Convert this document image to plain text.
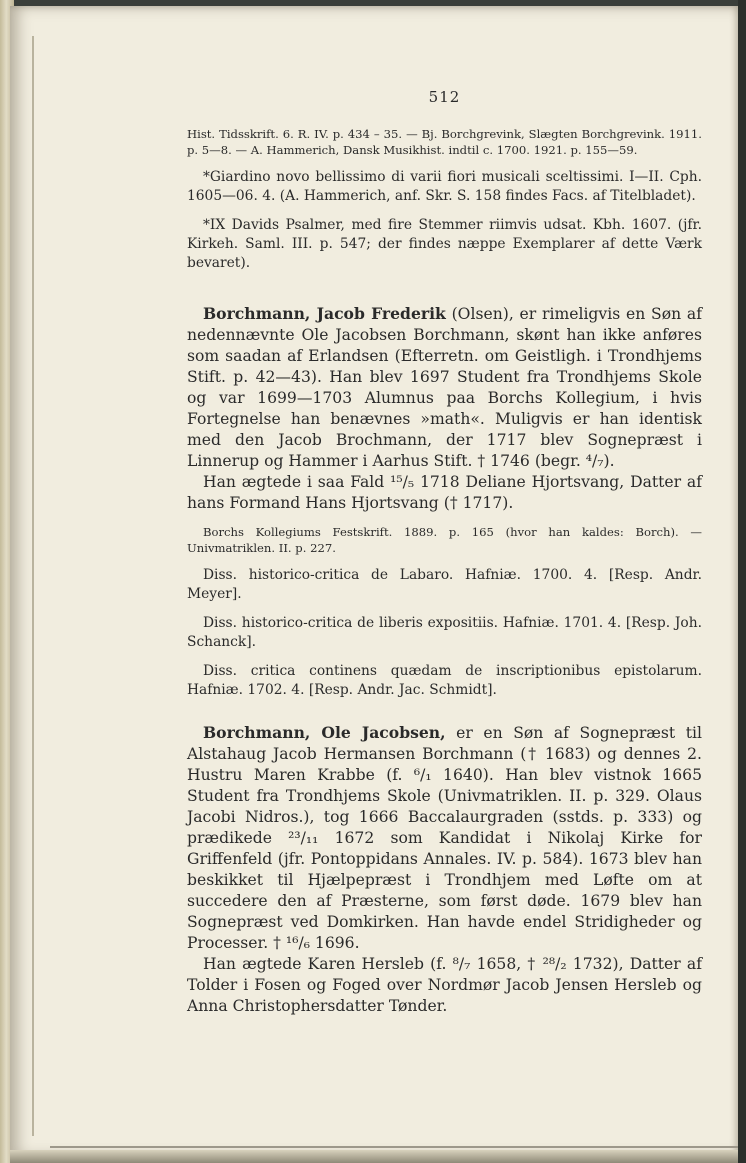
512

Hist. Tidsskrift. 6. R. IV. p. 434 – 35. — Bj. Borchgrevink, Slægten Borchgrevink. 1911. p. 5—8. — A. Hammerich, Dansk Musikhist. indtil c. 1700. 1921. p. 155—59.

*Giardino novo bellissimo di varii fiori musicali sceltissimi. I—II. Cph. 1605—06. 4. (A. Hammerich, anf. Skr. S. 158 findes Facs. af Titelbladet).

*IX Davids Psalmer, med fire Stemmer riimvis udsat. Kbh. 1607. (jfr. Kirkeh. Saml. III. p. 547; der findes næppe Exemplarer af dette Værk bevaret).

Borchmann, Jacob Frederik (Olsen), er rimeligvis en Søn af nedennævnte Ole Jacobsen Borchmann, skønt han ikke anføres som saadan af Erlandsen (Efterretn. om Geistligh. i Trondhjems Stift. p. 42—43). Han blev 1697 Student fra Trondhjems Skole og var 1699—1703 Alumnus paa Borchs Kollegium, i hvis Fortegnelse han benævnes »math«. Muligvis er han identisk med den Jacob Brochmann, der 1717 blev Sognepræst i Linnerup og Hammer i Aarhus Stift. † 1746 (begr. ⁴/₇).

Han ægtede i saa Fald ¹⁵/₅ 1718 Deliane Hjortsvang, Datter af hans Formand Hans Hjortsvang († 1717).

Borchs Kollegiums Festskrift. 1889. p. 165 (hvor han kaldes: Borch). — Univmatriklen. II. p. 227.

Diss. historico-critica de Labaro. Hafniæ. 1700. 4. [Resp. Andr. Meyer].

Diss. historico-critica de liberis expositiis. Hafniæ. 1701. 4. [Resp. Joh. Schanck].

Diss. critica continens quædam de inscriptionibus epistolarum. Hafniæ. 1702. 4. [Resp. Andr. Jac. Schmidt].

Borchmann, Ole Jacobsen, er en Søn af Sognepræst til Alstahaug Jacob Hermansen Borchmann († 1683) og dennes 2. Hustru Maren Krabbe (f. ⁶/₁ 1640). Han blev vistnok 1665 Student fra Trondhjems Skole (Univmatriklen. II. p. 329. Olaus Jacobi Nidros.), tog 1666 Baccalaurgraden (sstds. p. 333) og prædikede ²³/₁₁ 1672 som Kandidat i Nikolaj Kirke for Griffenfeld (jfr. Pontoppidans Annales. IV. p. 584). 1673 blev han beskikket til Hjælpepræst i Trondhjem med Løfte om at succedere den af Præsterne, som først døde. 1679 blev han Sognepræst ved Domkirken. Han havde endel Stridigheder og Processer. † ¹⁶/₆ 1696.

Han ægtede Karen Hersleb (f. ⁸/₇ 1658, † ²⁸/₂ 1732), Datter af Tolder i Fosen og Foged over Nordmør Jacob Jensen Hersleb og Anna Christophersdatter Tønder.
